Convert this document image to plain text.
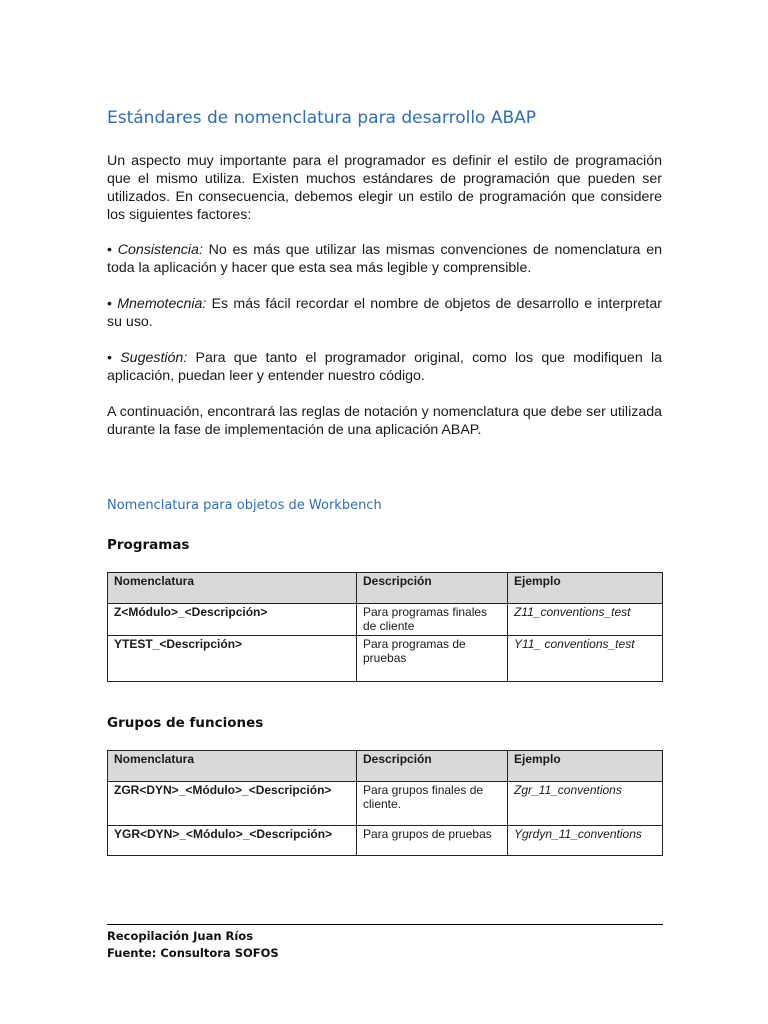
Estándares de nomenclatura para desarrollo ABAP

Un aspecto muy importante para el programador es definir el estilo de programación que el mismo utiliza. Existen muchos estándares de programación que pueden ser utilizados. En consecuencia, debemos elegir un estilo de programación que considere los siguientes factores:

• Consistencia: No es más que utilizar las mismas convenciones de nomenclatura en toda la aplicación y hacer que esta sea más legible y comprensible.

• Mnemotecnia: Es más fácil recordar el nombre de objetos de desarrollo e interpretar su uso.

• Sugestión: Para que tanto el programador original, como los que modifiquen la aplicación, puedan leer y entender nuestro código.

A continuación, encontrará las reglas de notación y nomenclatura que debe ser utilizada durante la fase de implementación de una aplicación ABAP.

Nomenclatura para objetos de Workbench
Programas
Nomenclatura	Descripción	Ejemplo
Z<Módulo>_<Descripción>	Para programas finales de cliente	Z11_conventions_test
YTEST_<Descripción>	Para programas de pruebas	Y11_ conventions_test
Grupos de funciones
Nomenclatura	Descripción	Ejemplo
ZGR<DYN>_<Módulo>_<Descripción>	Para grupos finales de cliente.	Zgr_11_conventions
YGR<DYN>_<Módulo>_<Descripción>	Para grupos de pruebas	Ygrdyn_11_conventions
Recopilación Juan Ríos
Fuente: Consultora SOFOS
